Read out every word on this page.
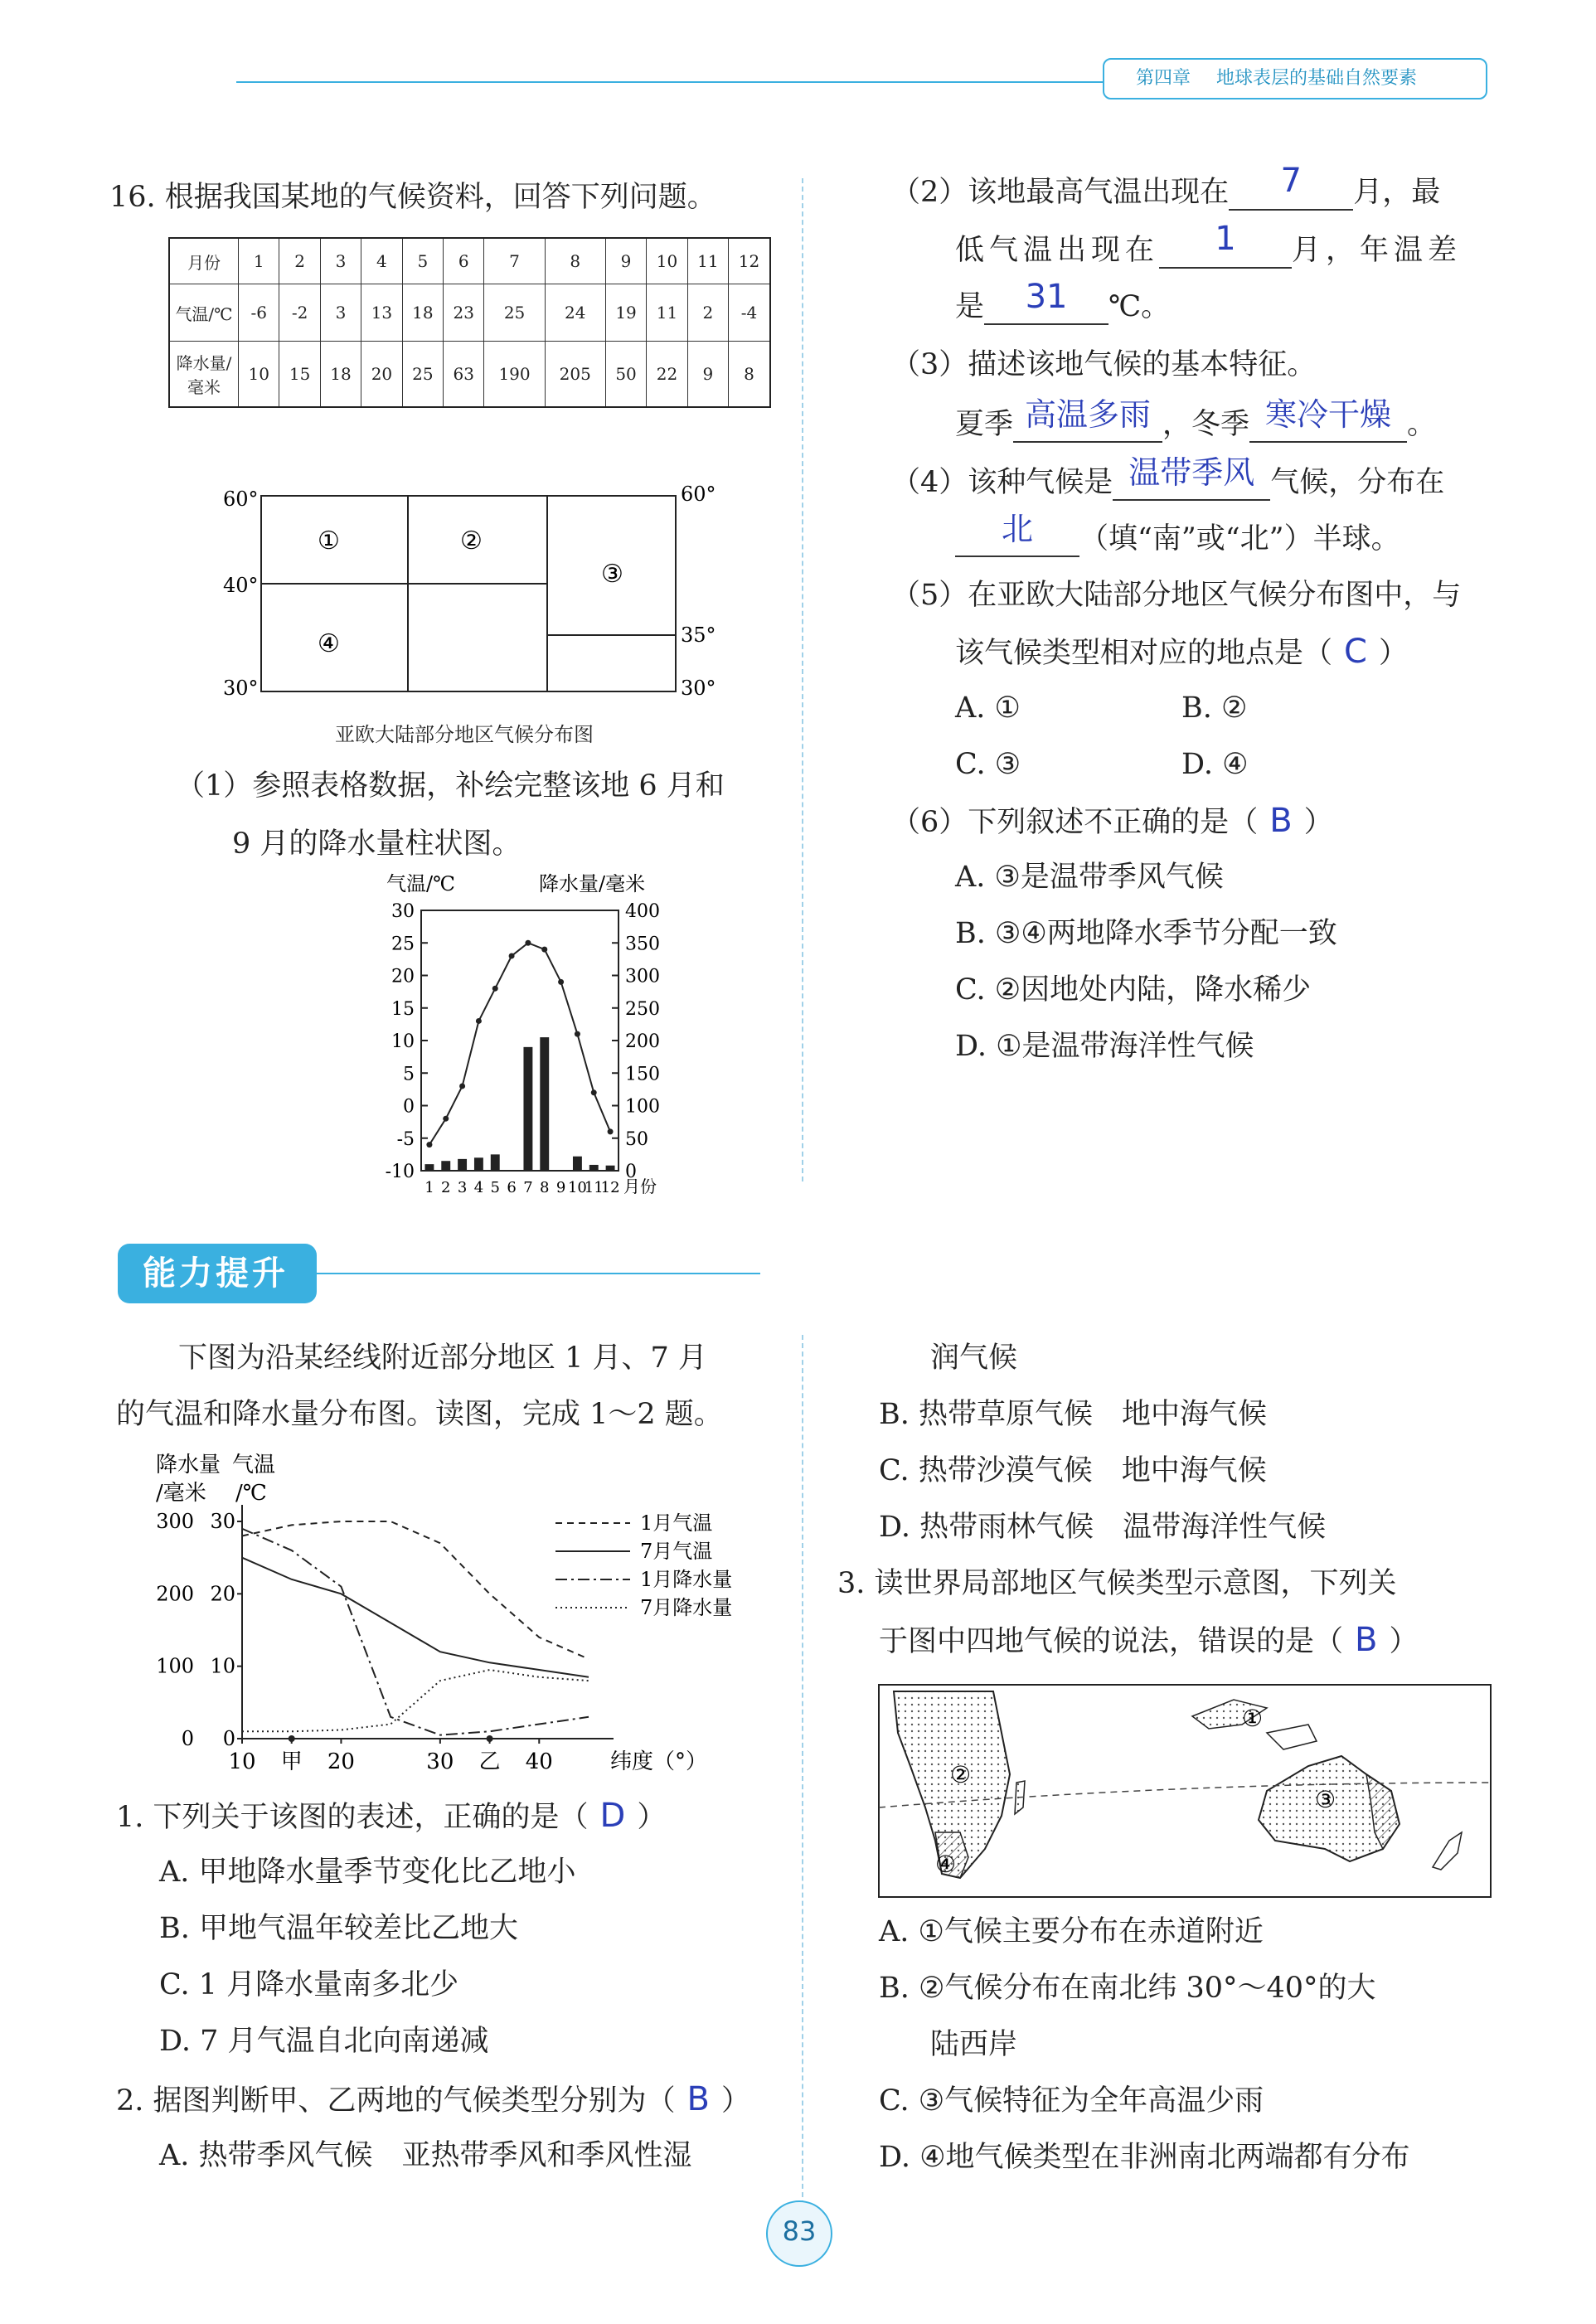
第四章 地球表层的基础自然要素
16. 根据我国某地的气候资料，回答下列问题。
月份	1	2	3	4	5	6	7	8	9	10	11	12
气温/℃	-6	-2	3	13	18	23	25	24	19	11	2	-4
降水量/毫米	10	15	18	20	25	63	190	205	50	22	9	8
60°	60°
40°
30°
35°
30°
①	②
③
④
亚欧大陆部分地区气候分布图
（1）参照表格数据，补绘完整该地 6 月和
9 月的降水量柱状图。
气温/℃	降水量/毫米
30
25
20
15
10
5
0
-5
-10
400
350
300
250
200
150
100
50
0
1 2 3 4 5 6 7 8 9 10
11
12 月份
（2）该地最高气温出现在 7 月，最
低气温出现在 1 月，年温差
是 31 ℃。
（3）描述该地气候的基本特征。
夏季 高温多雨 ，冬季 寒冷干燥 。
（4）该种气候是 温带季风 气候，分布在
北 （填“南”或“北”）半球。
（5）在亚欧大陆部分地区气候分布图中，与
该气候类型相对应的地点是（ C ）
A. ①	B. ②
C. ③	D. ④
（6）下列叙述不正确的是（ B ）
A. ③是温带季风气候
B. ③④两地降水季节分配一致
C. ②因地处内陆，降水稀少
D. ①是温带海洋性气候
能力提升
下图为沿某经线附近部分地区 1 月、7 月
的气温和降水量分布图。读图，完成 1～2 题。
降水量 气温
/毫米 /℃
300 30
200 20
100 10
0 0
10 甲 20	30 乙 40
1月气温
7月气温
1月降水量
7月降水量
纬度（°）
1. 下列关于该图的表述，正确的是（ D ）
A. 甲地降水量季节变化比乙地小
B. 甲地气温年较差比乙地大
C. 1 月降水量南多北少
D. 7 月气温自北向南递减
2. 据图判断甲、乙两地的气候类型分别为（ B ）
A. 热带季风气候　亚热带季风和季风性湿
润气候
B. 热带草原气候　地中海气候
C. 热带沙漠气候　地中海气候
D. 热带雨林气候　温带海洋性气候
3. 读世界局部地区气候类型示意图，下列关
于图中四地气候的说法，错误的是（ B ）
②
①
③
④
A. ①气候主要分布在赤道附近
B. ②气候分布在南北纬 30°～40°的大
陆西岸
C. ③气候特征为全年高温少雨
D. ④地气候类型在非洲南北两端都有分布
83
